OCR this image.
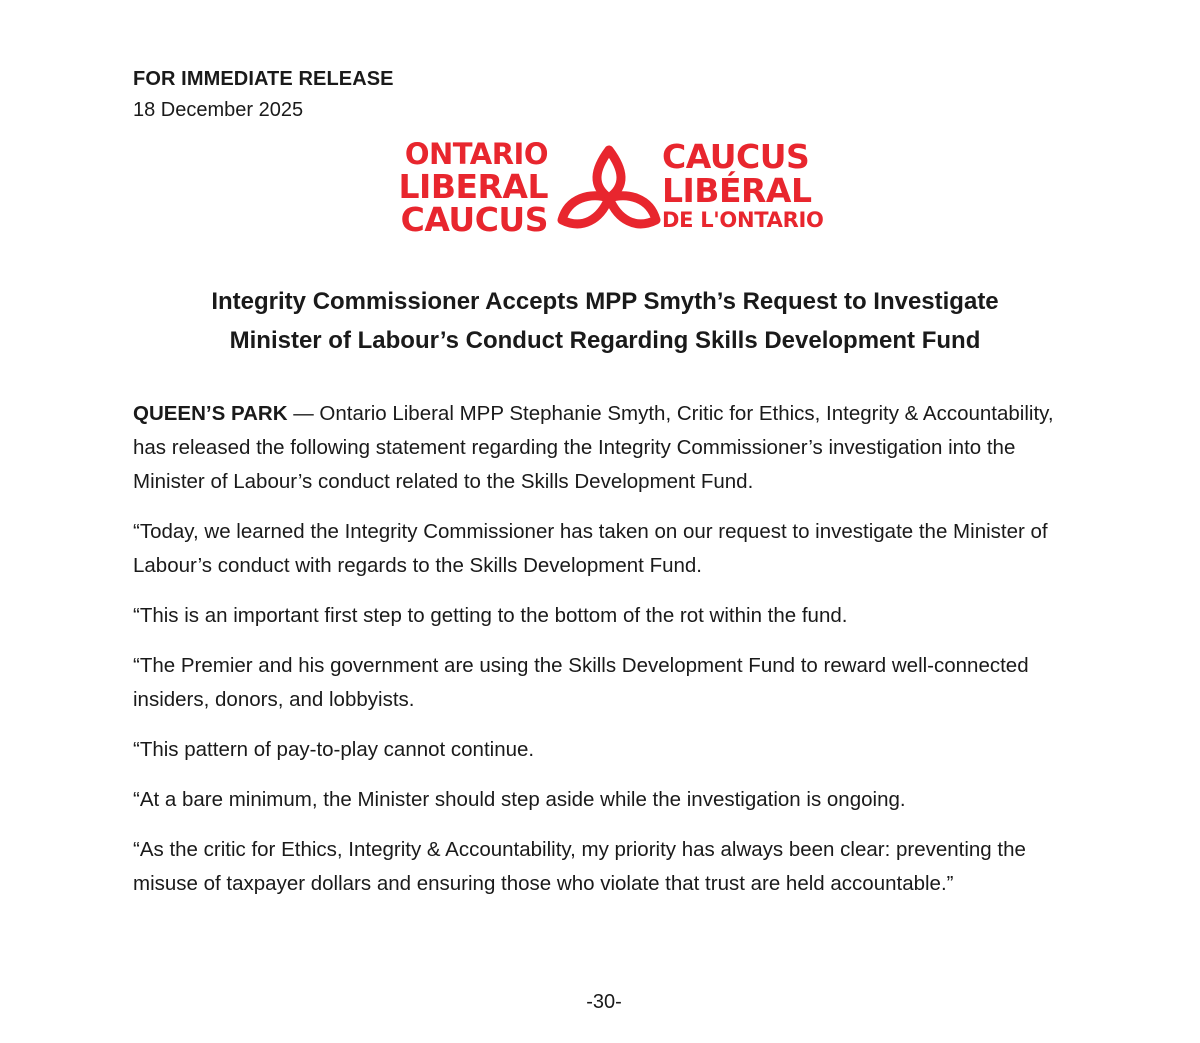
FOR IMMEDIATE RELEASE
18 December 2025
ONTARIO
LIBERAL
CAUCUS
CAUCUS
LIBÉRAL
DE L'ONTARIO
Integrity Commissioner Accepts MPP Smyth’s Request to Investigate
Minister of Labour’s Conduct Regarding Skills Development Fund

QUEEN’S PARK — Ontario Liberal MPP Stephanie Smyth, Critic for Ethics, Integrity & Accountability, has released the following statement regarding the Integrity Commissioner’s investigation into the Minister of Labour’s conduct related to the Skills Development Fund.

“Today, we learned the Integrity Commissioner has taken on our request to investigate the Minister of Labour’s conduct with regards to the Skills Development Fund.

“This is an important first step to getting to the bottom of the rot within the fund.

“The Premier and his government are using the Skills Development Fund to reward well-connected insiders, donors, and lobbyists.

“This pattern of pay-to-play cannot continue.

“At a bare minimum, the Minister should step aside while the investigation is ongoing.

“As the critic for Ethics, Integrity & Accountability, my priority has always been clear: preventing the misuse of taxpayer dollars and ensuring those who violate that trust are held accountable.”

-30-
